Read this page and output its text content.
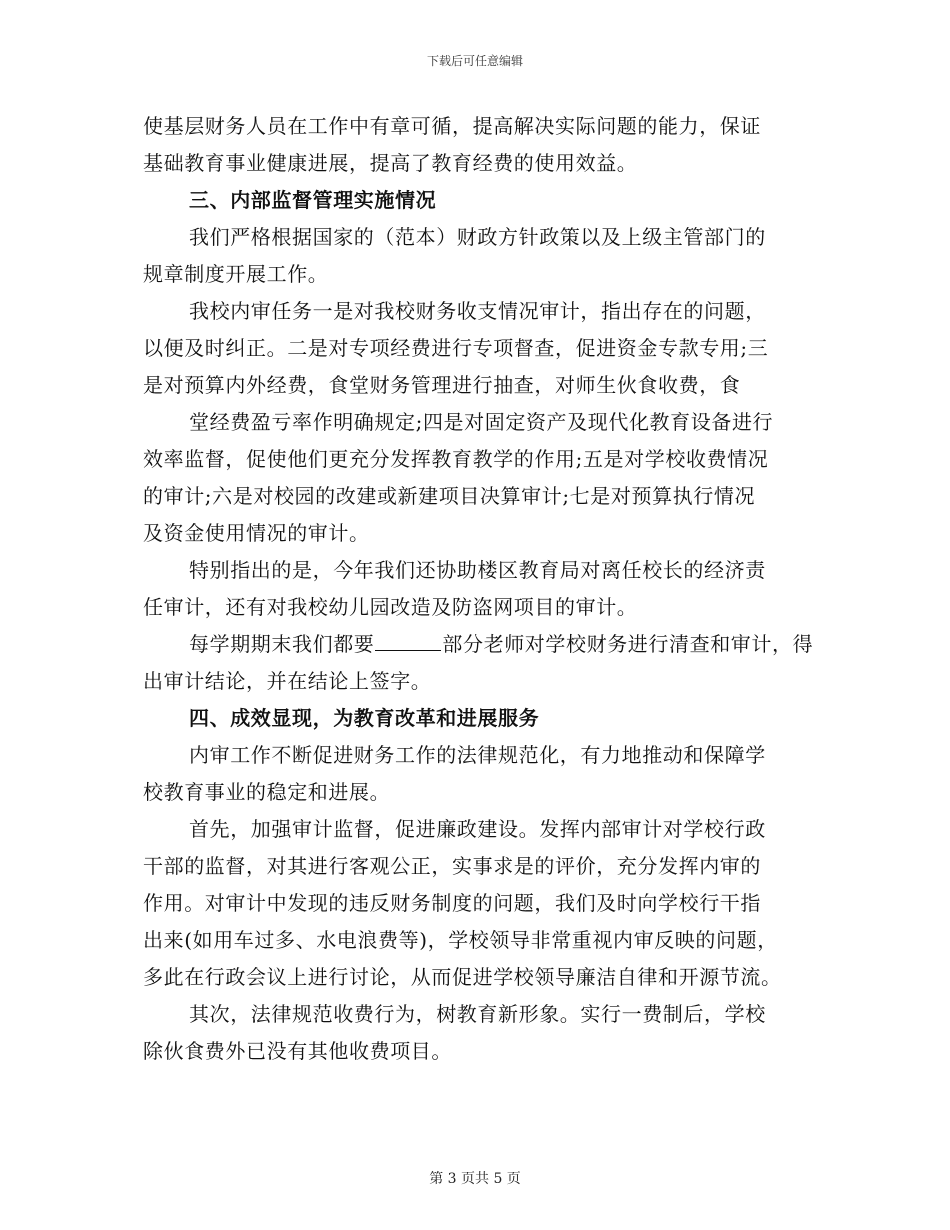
下载后可任意编辑
使基层财务人员在工作中有章可循，提高解决实际问题的能力，保证
基础教育事业健康进展，提高了教育经费的使用效益。
三、内部监督管理实施情况
我们严格根据国家的（范本）财政方针政策以及上级主管部门的
规章制度开展工作。
我校内审任务一是对我校财务收支情况审计，指出存在的问题，
以便及时纠正。二是对专项经费进行专项督查，促进资金专款专用;三
是对预算内外经费，食堂财务管理进行抽查，对师生伙食收费，食
堂经费盈亏率作明确规定;四是对固定资产及现代化教育设备进行
效率监督，促使他们更充分发挥教育教学的作用;五是对学校收费情况
的审计;六是对校园的改建或新建项目决算审计;七是对预算执行情况
及资金使用情况的审计。
特别指出的是，今年我们还协助楼区教育局对离任校长的经济责
任审计，还有对我校幼儿园改造及防盗网项目的审计。
每学期期末我们都要	部分老师对学校财务进行清查和审计，得
出审计结论，并在结论上签字。
四、成效显现，为教育改革和进展服务
内审工作不断促进财务工作的法律规范化，有力地推动和保障学
校教育事业的稳定和进展。
首先，加强审计监督，促进廉政建设。发挥内部审计对学校行政
干部的监督，对其进行客观公正，实事求是的评价，充分发挥内审的
作用。对审计中发现的违反财务制度的问题，我们及时向学校行干指
出来(如用车过多、水电浪费等)，学校领导非常重视内审反映的问题，
多此在行政会议上进行讨论，从而促进学校领导廉洁自律和开源节流。
其次，法律规范收费行为，树教育新形象。实行一费制后，学校
除伙食费外已没有其他收费项目。
第 3 页共 5 页
